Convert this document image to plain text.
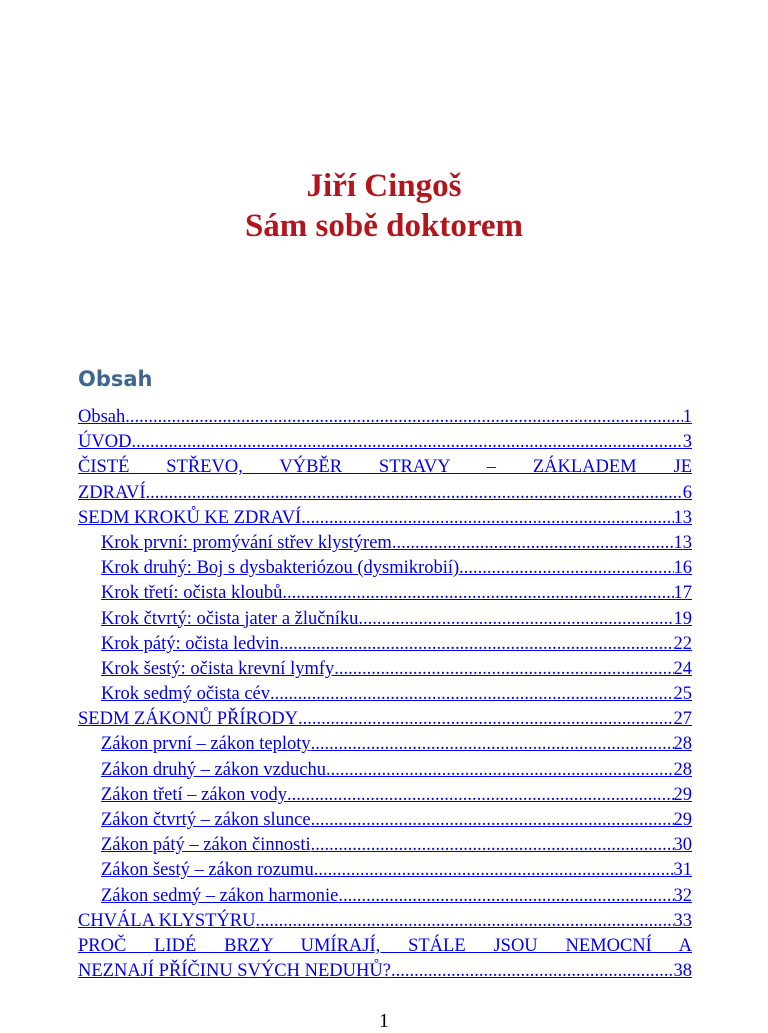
Jiří Cingoš
Sám sobě doktorem
Obsah
Obsah .....	1
ÚVOD .....	3
ČISTÉ STŘEVO, VÝBĚR STRAVY – ZÁKLADEM JE
ZDRAVÍ .....	6
SEDM KROKŮ KE ZDRAVÍ .....	13
Krok první: promývání střev klystýrem .....	13
Krok druhý: Boj s dysbakteriózou (dysmikrobií) .....	16
Krok třetí: očista kloubů .....	17
Krok čtvrtý: očista jater a žlučníku .....	19
Krok pátý: očista ledvin .....	22
Krok šestý: očista krevní lymfy .....	24
Krok sedmý očista cév .....	25
SEDM ZÁKONŮ PŘÍRODY .....	27
Zákon první – zákon teploty .....	28
Zákon druhý – zákon vzduchu .....	28
Zákon třetí – zákon vody .....	29
Zákon čtvrtý – zákon slunce .....	29
Zákon pátý – zákon činnosti .....	30
Zákon šestý – zákon rozumu .....	31
Zákon sedmý – zákon harmonie .....	32
CHVÁLA KLYSTÝRU .....	33
PROČ LIDÉ BRZY UMÍRAJÍ, STÁLE JSOU NEMOCNÍ A
NEZNAJÍ PŘÍČINU SVÝCH NEDUHŮ? .....	38
1
